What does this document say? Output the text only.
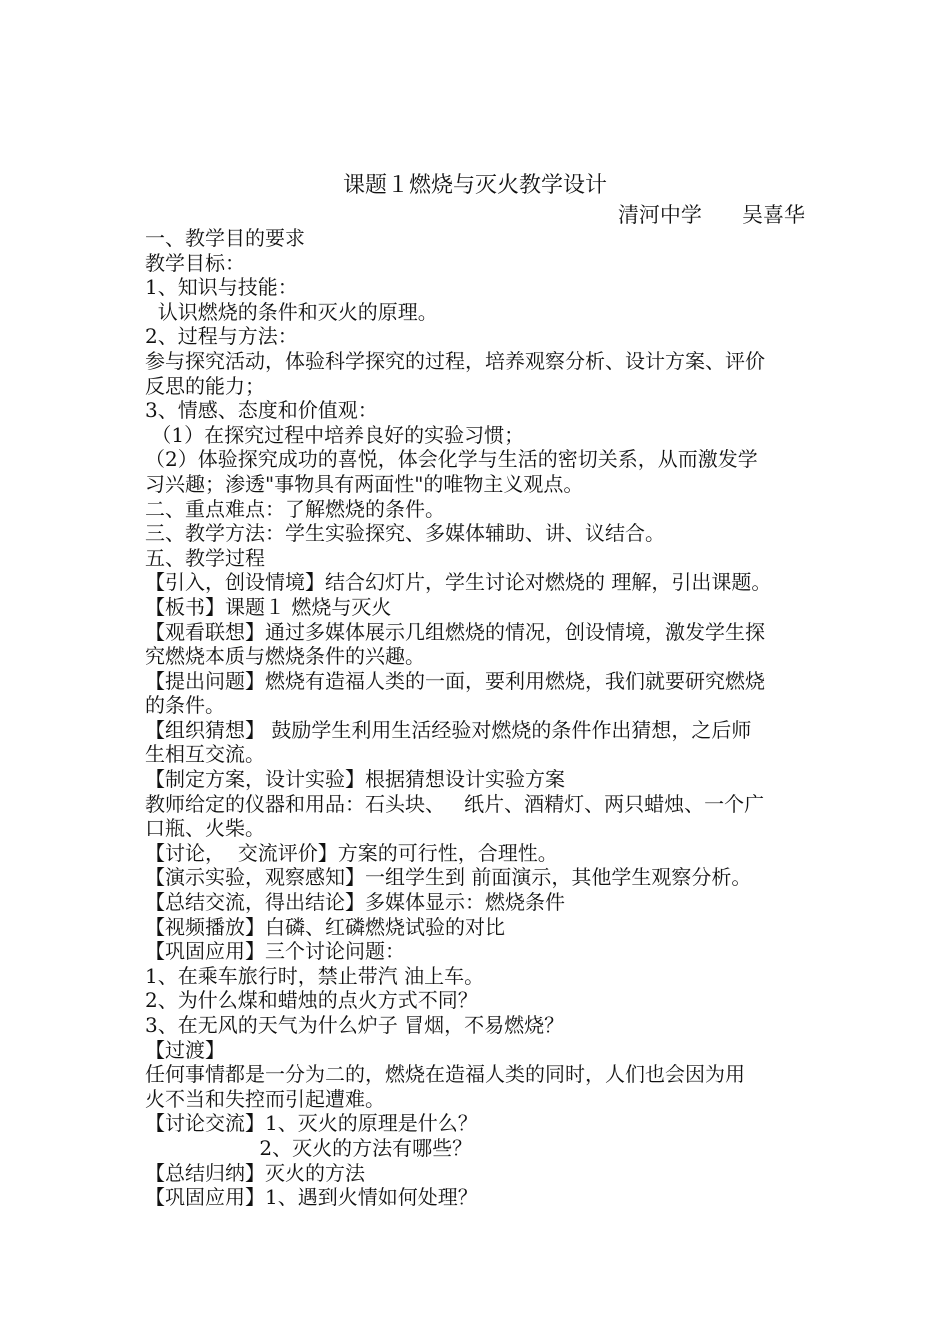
课题１燃烧与灭火教学设计
清河中学      吴喜华
一、教学目的要求
教学目标：
1、知识与技能：
认识燃烧的条件和灭火的原理。
2、过程与方法：
参与探究活动，体验科学探究的过程，培养观察分析、设计方案、评价
反思的能力；
3、情感、态度和价值观：
（1）在探究过程中培养良好的实验习惯；
（2）体验探究成功的喜悦，体会化学与生活的密切关系，从而激发学
习兴趣；渗透"事物具有两面性"的唯物主义观点。
二、重点难点：了解燃烧的条件。
三、教学方法：学生实验探究、多媒体辅助、讲、议结合。
五、教学过程
【引入，创设情境】结合幻灯片，学生讨论对燃烧的 理解，引出课题。
【板书】课题１ 燃烧与灭火
【观看联想】通过多媒体展示几组燃烧的情况，创设情境，激发学生探
究燃烧本质与燃烧条件的兴趣。
【提出问题】燃烧有造福人类的一面，要利用燃烧，我们就要研究燃烧
的条件。
【组织猜想】 鼓励学生利用生活经验对燃烧的条件作出猜想，之后师
生相互交流。
【制定方案，设计实验】根据猜想设计实验方案
教师给定的仪器和用品：石头块、   纸片、酒精灯、两只蜡烛、一个广
口瓶、火柴。
【讨论，  交流评价】方案的可行性，合理性。
【演示实验，观察感知】一组学生到 前面演示，其他学生观察分析。
【总结交流，得出结论】多媒体显示：燃烧条件
【视频播放】白磷、红磷燃烧试验的对比
【巩固应用】三个讨论问题：
1、在乘车旅行时，禁止带汽 油上车。
2、为什么煤和蜡烛的点火方式不同？
3、在无风的天气为什么炉子 冒烟，不易燃烧？
【过渡】
任何事情都是一分为二的，燃烧在造福人类的同时，人们也会因为用
火不当和失控而引起遭难。
【讨论交流】1、灭火的原理是什么？
2、灭火的方法有哪些？
【总结归纳】灭火的方法
【巩固应用】1、遇到火情如何处理？
